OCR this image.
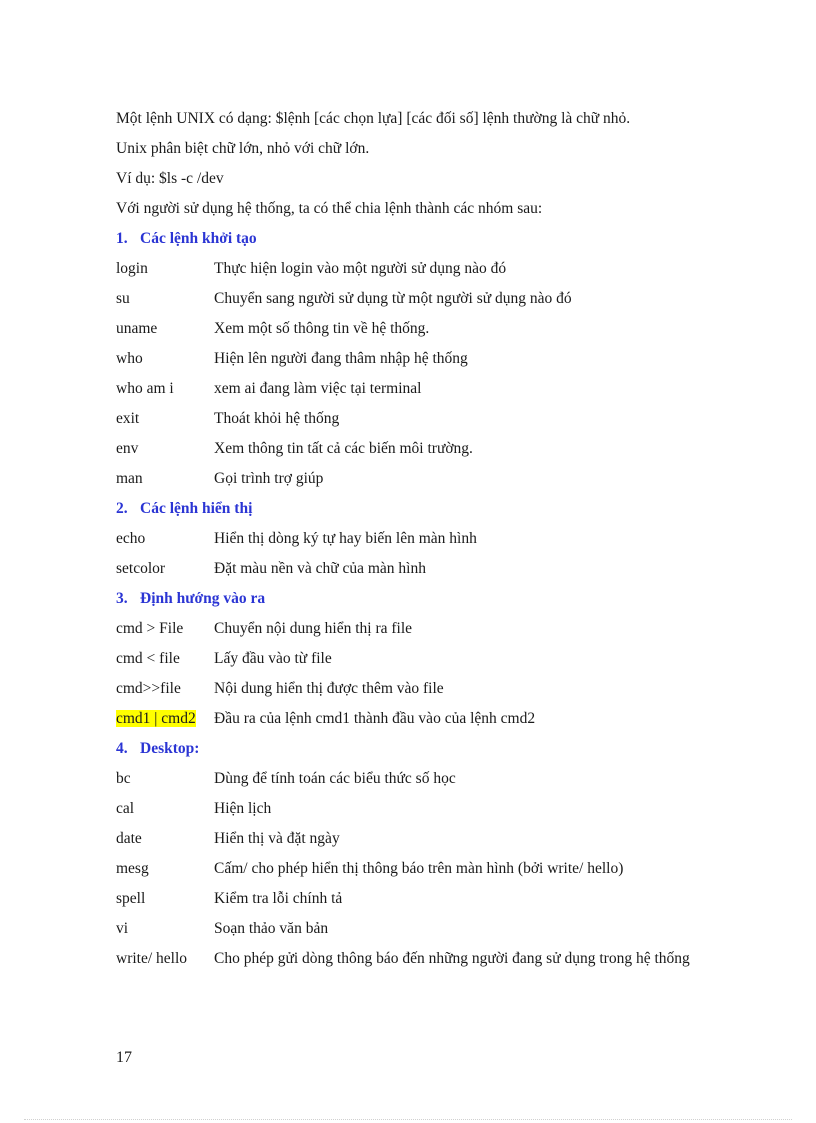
Một lệnh UNIX có dạng: $lệnh [các chọn lựa] [các đối số] lệnh thường là chữ nhỏ.
Unix phân biệt chữ lớn, nhỏ với chữ lớn.
Ví dụ: $ls -c /dev
Với người sử dụng hệ thống, ta có thể chia lệnh thành các nhóm sau:
1. Các lệnh khởi tạo
login	Thực hiện login vào một người sử dụng nào đó
su	Chuyển sang người sử dụng từ một người sử dụng nào đó
uname	Xem một số thông tin về hệ thống.
who	Hiện lên người đang thâm nhập hệ thống
who am i	xem ai đang làm việc tại terminal
exit	Thoát khỏi hệ thống
env	Xem thông tin tất cả các biến môi trường.
man	Gọi trình trợ giúp
2. Các lệnh hiển thị
echo	Hiển thị dòng ký tự hay biến lên màn hình
setcolor	Đặt màu nền và chữ của màn hình
3. Định hướng vào ra
cmd > File	Chuyển nội dung hiển thị ra file
cmd < file	Lấy đầu vào từ file
cmd>>file	Nội dung hiển thị được thêm vào file
cmd1 | cmd2	Đầu ra của lệnh cmd1 thành đầu vào của lệnh cmd2
4. Desktop:
bc	Dùng để tính toán các biểu thức số học
cal	Hiện lịch
date	Hiển thị và đặt ngày
mesg	Cấm/ cho phép hiển thị thông báo trên màn hình (bởi write/ hello)
spell	Kiểm tra lỗi chính tả
vi	Soạn thảo văn bản
write/ hello	Cho phép gửi dòng thông báo đến những người đang sử dụng trong hệ thống
17
